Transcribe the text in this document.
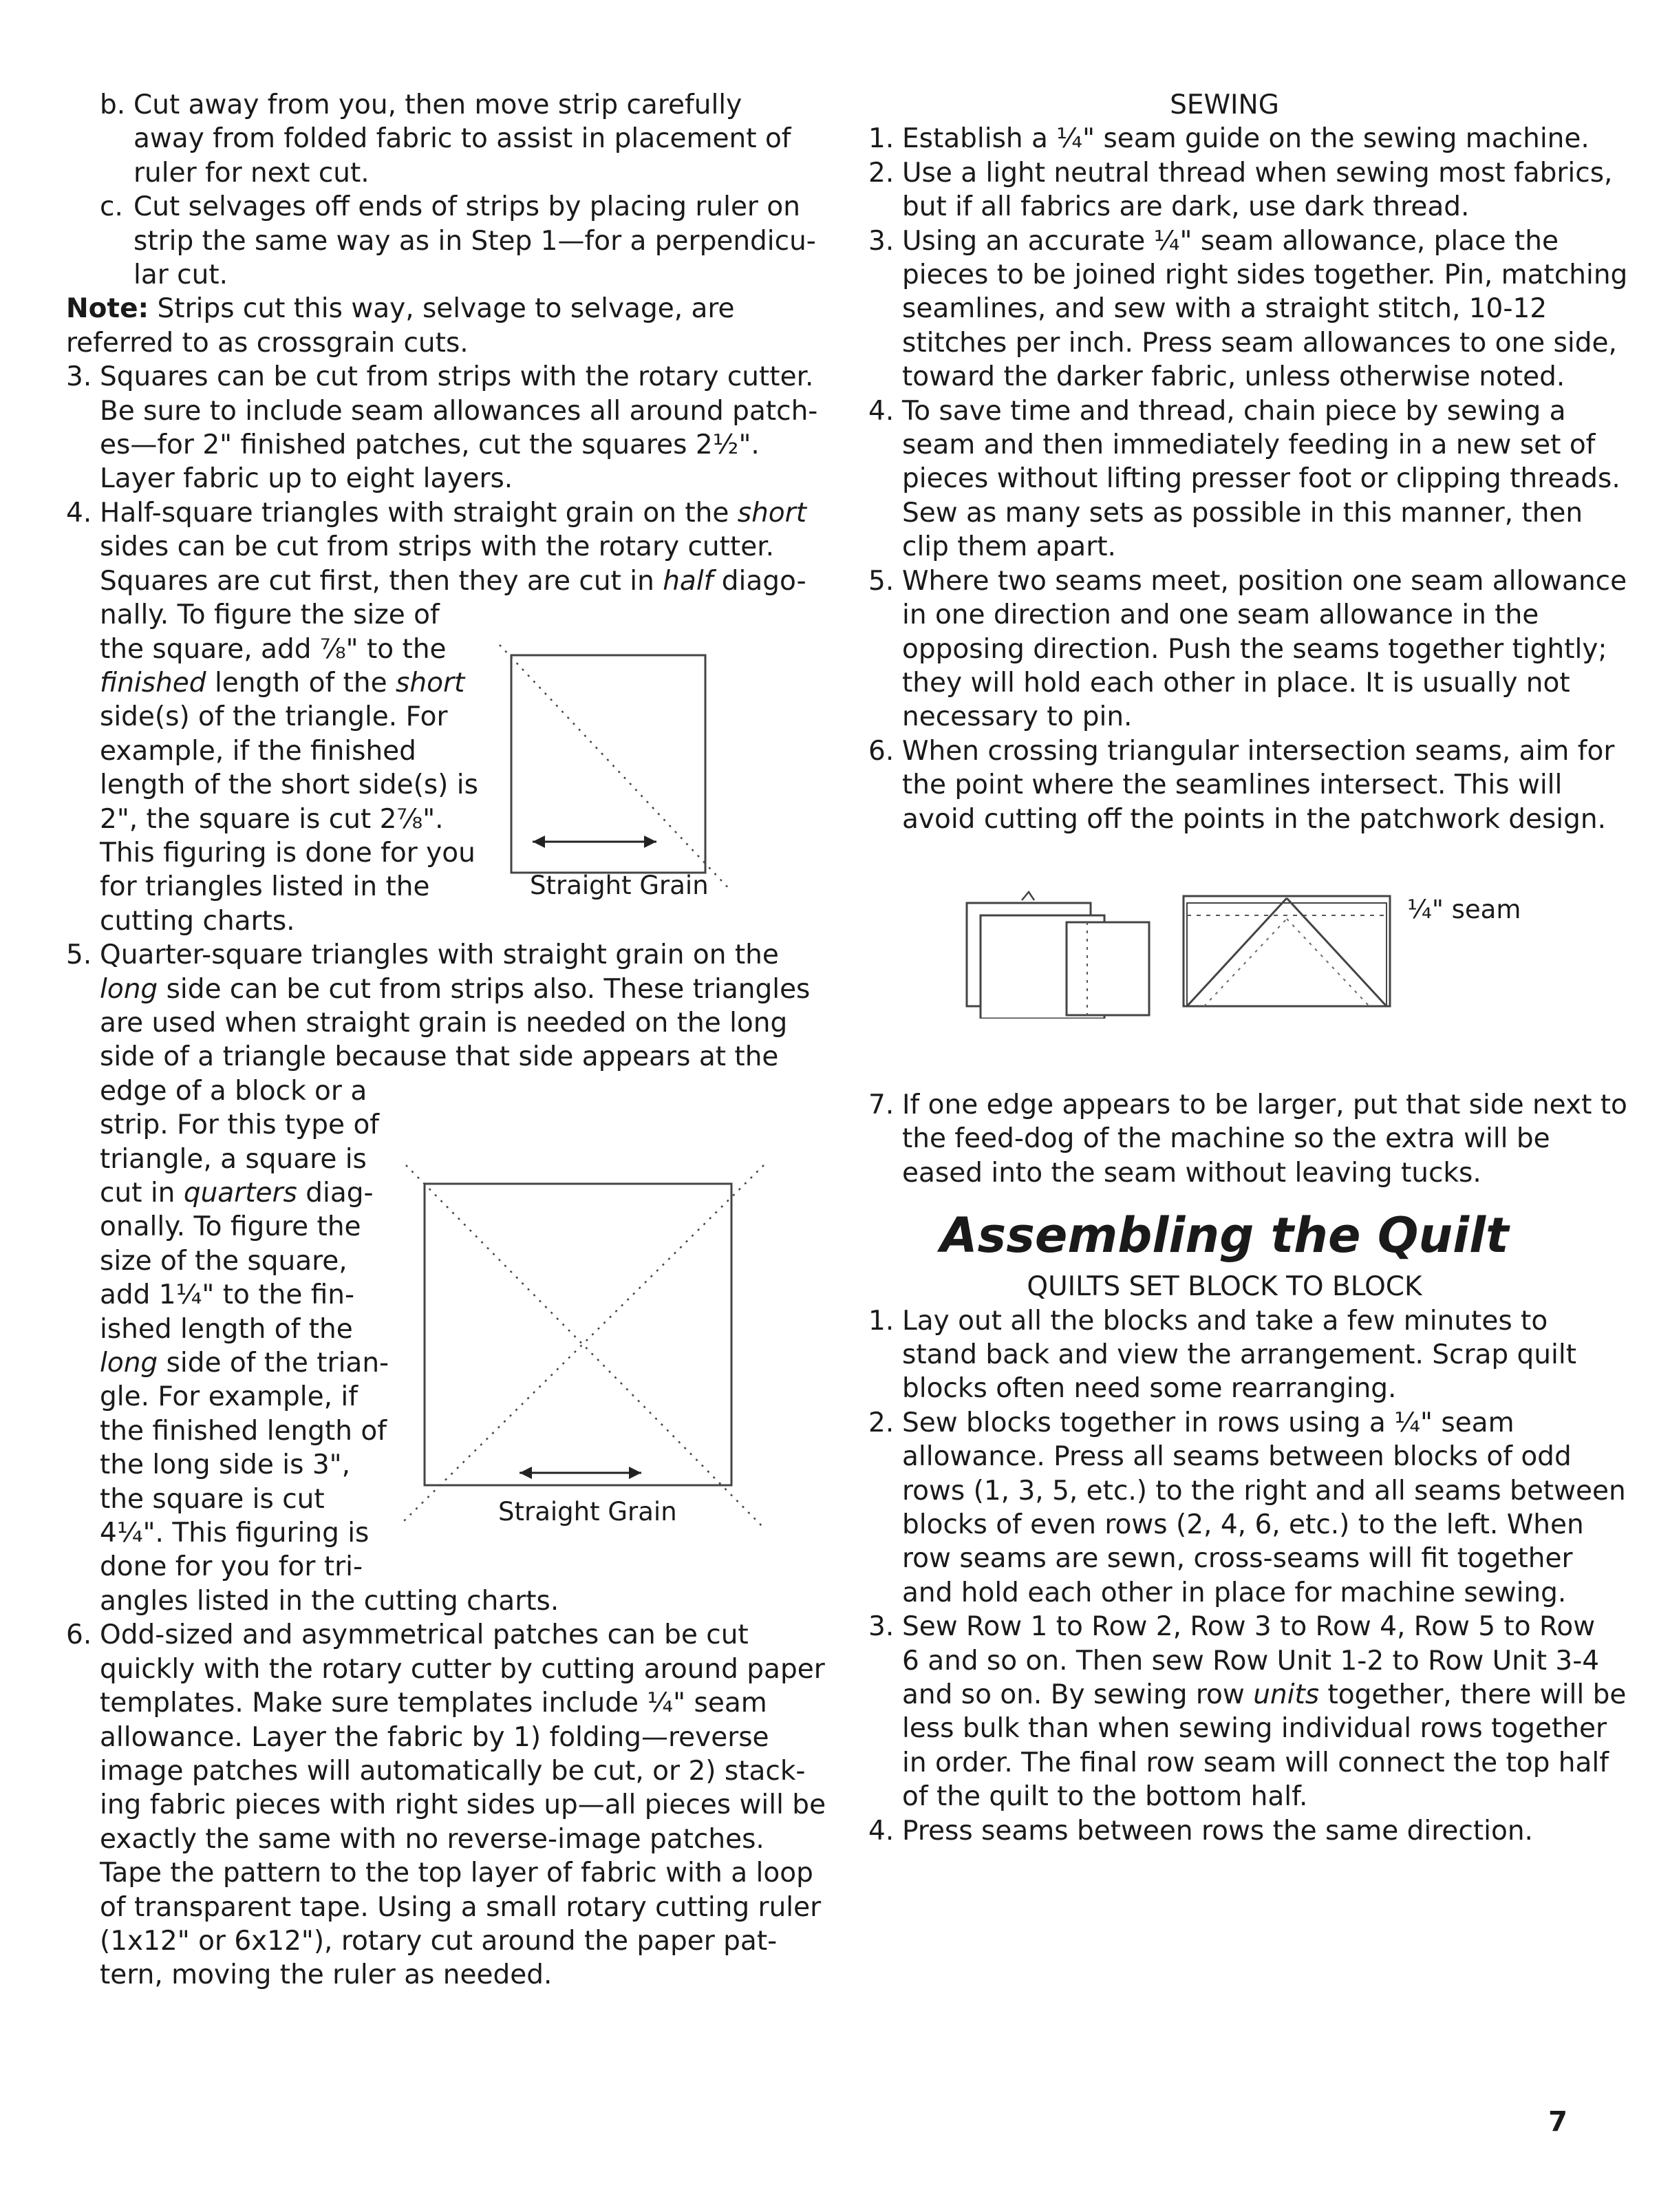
b. Cut away from you, then move strip carefully
away from folded fabric to assist in placement of
ruler for next cut.
c. Cut selvages off ends of strips by placing ruler on
strip the same way as in Step 1—for a perpendicu-
lar cut.
Note: Strips cut this way, selvage to selvage, are
referred to as crossgrain cuts.
3. Squares can be cut from strips with the rotary cutter.
Be sure to include seam allowances all around patch-
es—for 2" finished patches, cut the squares 2½".
Layer fabric up to eight layers.
4. Half-square triangles with straight grain on the short
sides can be cut from strips with the rotary cutter.
Squares are cut first, then they are cut in half diago-
nally. To figure the size of
the square, add ⅞" to the
finished length of the short
side(s) of the triangle. For
example, if the finished
length of the short side(s) is
2", the square is cut 2⅞".
This figuring is done for you
for triangles listed in the
cutting charts.
5. Quarter-square triangles with straight grain on the
long side can be cut from strips also. These triangles
are used when straight grain is needed on the long
side of a triangle because that side appears at the
edge of a block or a
strip. For this type of
triangle, a square is
cut in quarters diag-
onally. To figure the
size of the square,
add 1¼" to the fin-
ished length of the
long side of the trian-
gle. For example, if
the finished length of
the long side is 3",
the square is cut
4¼". This figuring is
done for you for tri-
angles listed in the cutting charts.
6. Odd-sized and asymmetrical patches can be cut
quickly with the rotary cutter by cutting around paper
templates. Make sure templates include ¼" seam
allowance. Layer the fabric by 1) folding—reverse
image patches will automatically be cut, or 2) stack-
ing fabric pieces with right sides up—all pieces will be
exactly the same with no reverse-image patches.
Tape the pattern to the top layer of fabric with a loop
of transparent tape. Using a small rotary cutting ruler
(1x12" or 6x12"), rotary cut around the paper pat-
tern, moving the ruler as needed.
Straight Grain
Straight Grain
SEWING
1. Establish a ¼" seam guide on the sewing machine.
2. Use a light neutral thread when sewing most fabrics,
but if all fabrics are dark, use dark thread.
3. Using an accurate ¼" seam allowance, place the
pieces to be joined right sides together. Pin, matching
seamlines, and sew with a straight stitch, 10-12
stitches per inch. Press seam allowances to one side,
toward the darker fabric, unless otherwise noted.
4. To save time and thread, chain piece by sewing a
seam and then immediately feeding in a new set of
pieces without lifting presser foot or clipping threads.
Sew as many sets as possible in this manner, then
clip them apart.
5. Where two seams meet, position one seam allowance
in one direction and one seam allowance in the
opposing direction. Push the seams together tightly;
they will hold each other in place. It is usually not
necessary to pin.
6. When crossing triangular intersection seams, aim for
the point where the seamlines intersect. This will
avoid cutting off the points in the patchwork design.
7. If one edge appears to be larger, put that side next to
the feed-dog of the machine so the extra will be
eased into the seam without leaving tucks.
Assembling the Quilt
QUILTS SET BLOCK TO BLOCK
1. Lay out all the blocks and take a few minutes to
stand back and view the arrangement. Scrap quilt
blocks often need some rearranging.
2. Sew blocks together in rows using a ¼" seam
allowance. Press all seams between blocks of odd
rows (1, 3, 5, etc.) to the right and all seams between
blocks of even rows (2, 4, 6, etc.) to the left. When
row seams are sewn, cross-seams will fit together
and hold each other in place for machine sewing.
3. Sew Row 1 to Row 2, Row 3 to Row 4, Row 5 to Row
6 and so on. Then sew Row Unit 1-2 to Row Unit 3-4
and so on. By sewing row units together, there will be
less bulk than when sewing individual rows together
in order. The final row seam will connect the top half
of the quilt to the bottom half.
4. Press seams between rows the same direction.
¼" seam
7
